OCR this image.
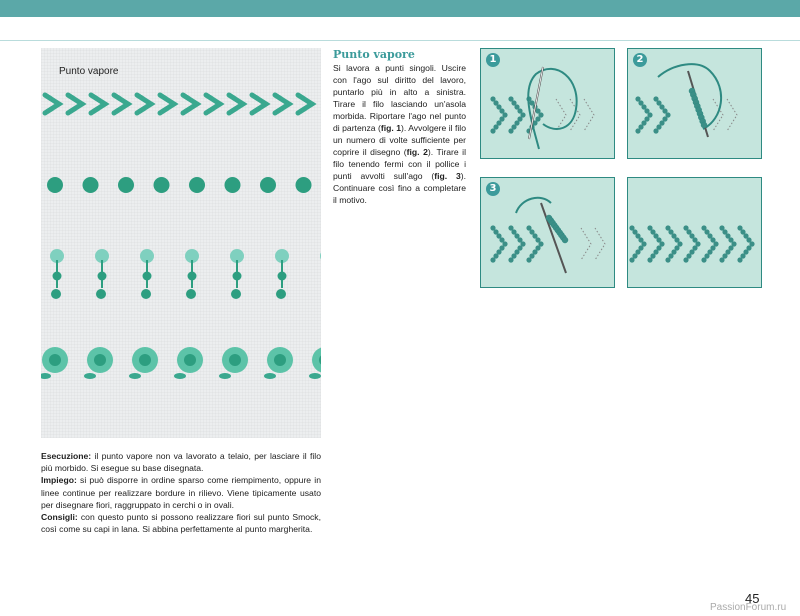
Punto vapore
Punto vapore
Si lavora a punti singoli. Uscire con l'ago sul diritto del lavoro, puntarlo più in alto a sinistra. Tirare il filo lasciando un'asola morbida. Riportare l'ago nel punto di partenza (fig. 1). Avvolgere il filo un numero di volte sufficiente per coprire il disegno (fig. 2). Tirare il filo tenendo fermi con il pollice i punti avvolti sull'ago (fig. 3). Continuare così fino a completare il motivo.

Esecuzione: il punto vapore non va lavorato a telaio, per lasciare il filo più morbido. Si esegue su base disegnata.

Impiego: si può disporre in ordine sparso come riempimento, oppure in linee continue per realizzare bordure in rilievo. Viene tipicamente usato per disegnare fiori, raggruppato in cerchi o in ovali.

Consigli: con questo punto si possono realizzare fiori sul punto Smock, così come su capi in lana. Si abbina perfettamente al punto margherita.

1	2
3
45
PassionForum.ru
